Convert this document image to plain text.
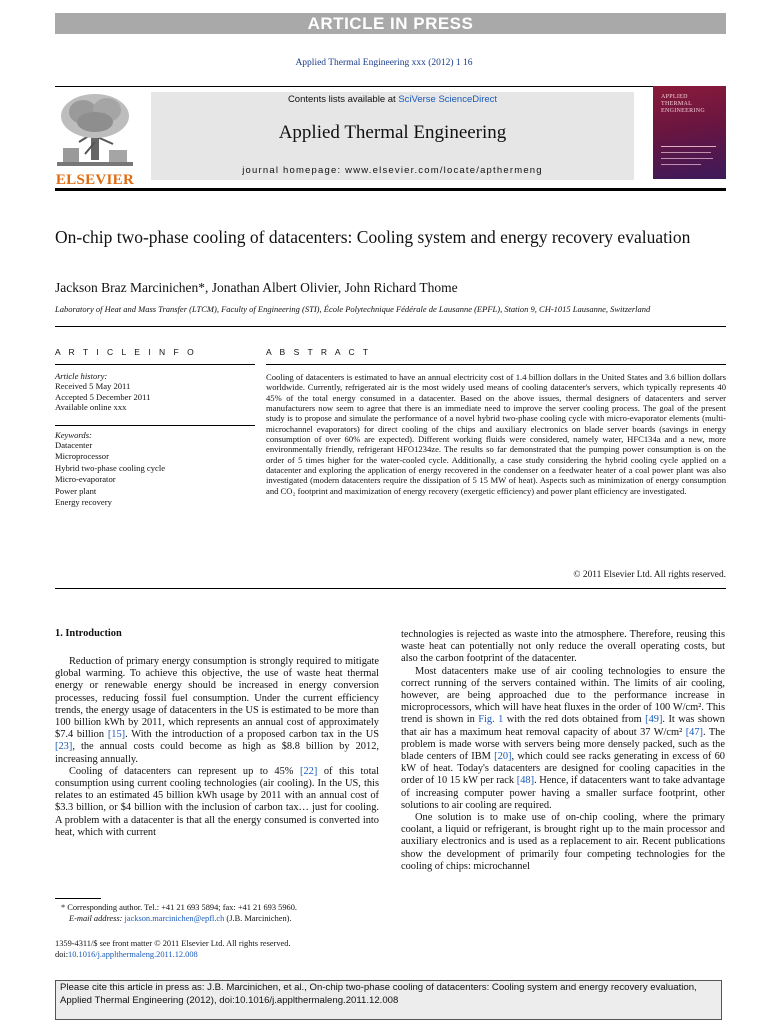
ARTICLE IN PRESS
Applied Thermal Engineering xxx (2012) 1 16
ELSEVIER
Contents lists available at SciVerse ScienceDirect
Applied Thermal Engineering
journal homepage: www.elsevier.com/locate/apthermeng
APPLIED
THERMAL
ENGINEERING
On-chip two-phase cooling of datacenters: Cooling system and energy recovery evaluation
Jackson Braz Marcinichen*, Jonathan Albert Olivier, John Richard Thome
Laboratory of Heat and Mass Transfer (LTCM), Faculty of Engineering (STI), École Polytechnique Fédérale de Lausanne (EPFL), Station 9, CH-1015 Lausanne, Switzerland
A R T I C L E I N F O
Article history:
Received 5 May 2011
Accepted 5 December 2011
Available online xxx
Keywords:
Datacenter
Microprocessor
Hybrid two-phase cooling cycle
Micro-evaporator
Power plant
Energy recovery
A B S T R A C T
Cooling of datacenters is estimated to have an annual electricity cost of 1.4 billion dollars in the United States and 3.6 billion dollars worldwide. Currently, refrigerated air is the most widely used means of cooling datacenter's servers, which typically represents 40 45% of the total energy consumed in a datacenter. Based on the above issues, thermal designers of datacenters and server manufacturers now seem to agree that there is an immediate need to improve the server cooling process. The goal of the present study is to propose and simulate the performance of a novel hybrid two-phase cooling cycle with micro-evaporator elements (multi-microchannel evaporators) for direct cooling of the chips and auxiliary electronics on blade server boards (savings in energy consumption of over 60% are expected). Different working fluids were considered, namely water, HFC134a and a new, more environmentally friendly, refrigerant HFO1234ze. The results so far demonstrated that the pumping power consumption is on the order of 5 times higher for the water-cooled cycle. Additionally, a case study considering the hybrid cooling cycle applied on a datacenter and exploring the application of energy recovered in the condenser on a feedwater heater of a coal power plant was also investigated (modern datacenters require the dissipation of 5 15 MW of heat). Aspects such as minimization of energy consumption and CO₂ footprint and maximization of energy recovery (exergetic efficiency) and power plant efficiency are investigated.
© 2011 Elsevier Ltd. All rights reserved.
1. Introduction

Reduction of primary energy consumption is strongly required to mitigate global warming. To achieve this objective, the use of waste heat thermal energy or renewable energy should be increased in energy conversion processes, reducing fossil fuel consumption. Under the current efficiency trends, the energy usage of datacenters in the US is estimated to be more than 100 billion kWh by 2011, which represents an annual cost of approximately $7.4 billion [15]. With the introduction of a proposed carbon tax in the US [23], the annual costs could become as high as $8.8 billion by 2012, increasing annually.

Cooling of datacenters can represent up to 45% [22] of this total consumption using current cooling technologies (air cooling). In the US, this relates to an estimated 45 billion kWh usage by 2011 with an annual cost of $3.3 billion, or $4 billion with the inclusion of carbon tax… just for cooling. A problem with a datacenter is that all the energy consumed is converted into heat, which with current

technologies is rejected as waste into the atmosphere. Therefore, reusing this waste heat can potentially not only reduce the overall operating costs, but also the carbon footprint of the datacenter.

Most datacenters make use of air cooling technologies to ensure the correct running of the servers contained within. The limits of air cooling, however, are being approached due to the performance increase in microprocessors, which will have heat fluxes in the order of 100 W/cm². This trend is shown in Fig. 1 with the red dots obtained from [49]. It was shown that air has a maximum heat removal capacity of about 37 W/cm² [47]. The problem is made worse with servers being more densely packed, such as the blade centers of IBM [20], which could see racks generating in excess of 60 kW of heat. Today's datacenters are designed for cooling capacities in the order of 10 15 kW per rack [48]. Hence, if datacenters want to take advantage of increasing computer power having a smaller surface footprint, other solutions to air cooling are required.

One solution is to make use of on-chip cooling, where the primary coolant, a liquid or refrigerant, is brought right up to the main processor and auxiliary electronics and is used as a replacement to air. Recent publications show the development of primarily four competing technologies for the cooling of chips: microchannel

* Corresponding author. Tel.: +41 21 693 5894; fax: +41 21 693 5960.
E-mail address: jackson.marcinichen@epfl.ch (J.B. Marcinichen).
1359-4311/$ see front matter © 2011 Elsevier Ltd. All rights reserved.
doi:10.1016/j.applthermaleng.2011.12.008
Please cite this article in press as: J.B. Marcinichen, et al., On-chip two-phase cooling of datacenters: Cooling system and energy recovery evaluation, Applied Thermal Engineering (2012), doi:10.1016/j.applthermaleng.2011.12.008
